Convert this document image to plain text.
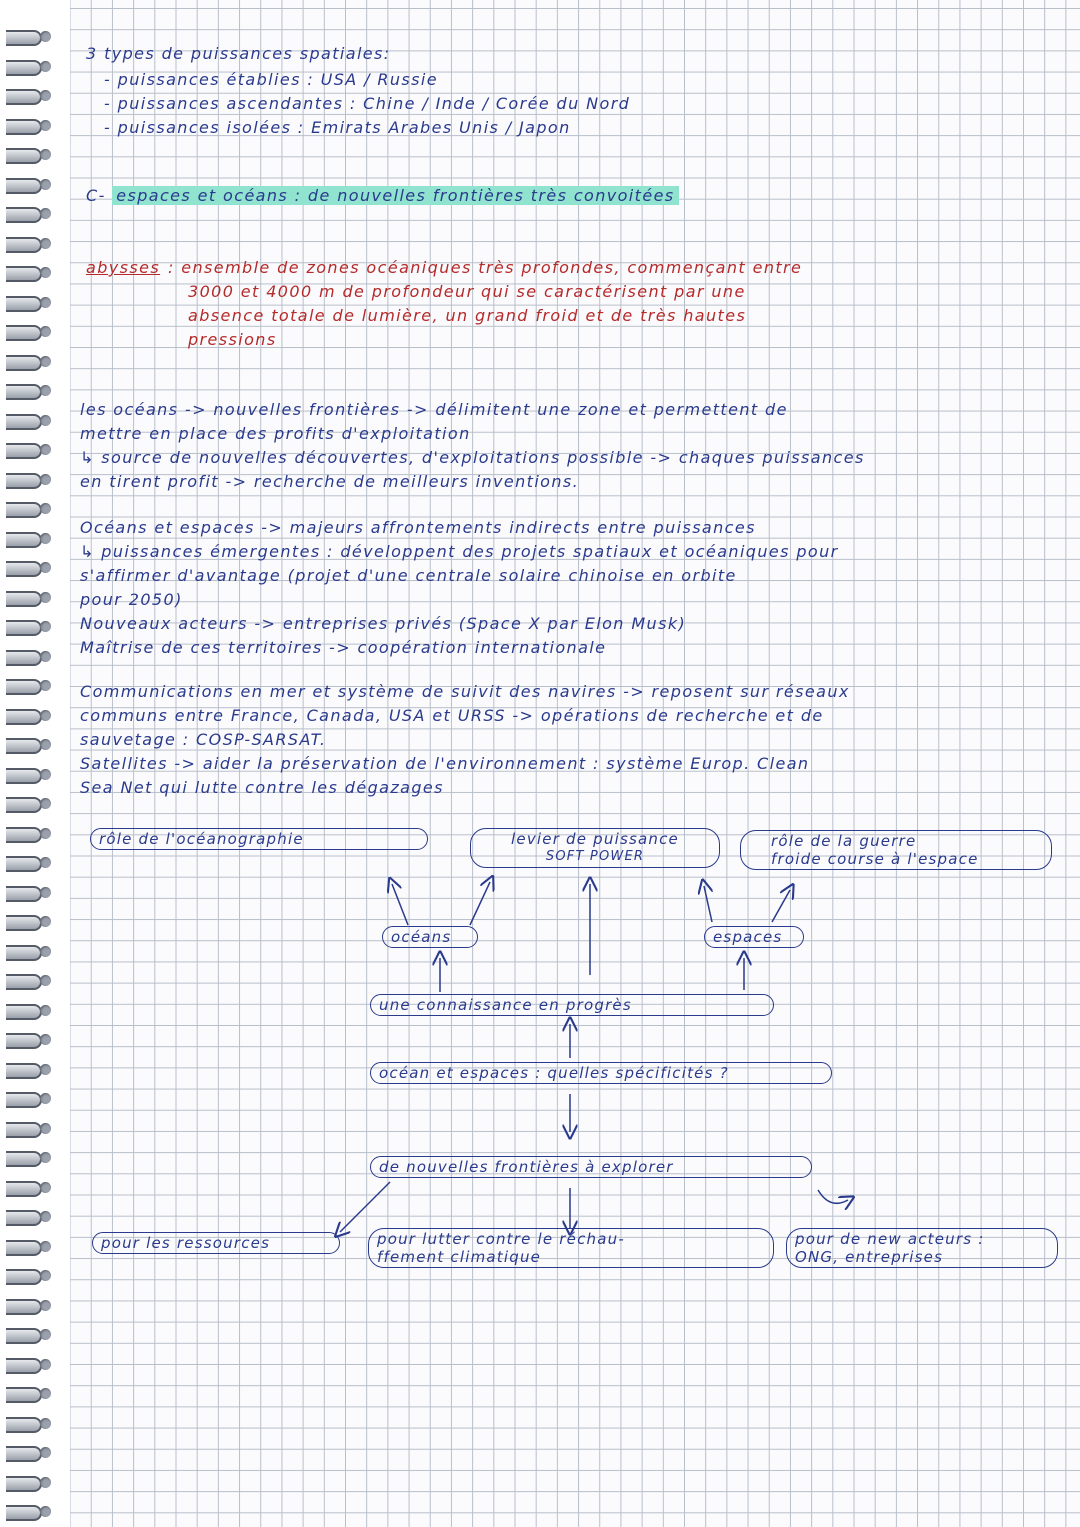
3 types de puissances spatiales:

- puissances établies : USA / Russie

- puissances ascendantes : Chine / Inde / Corée du Nord

- puissances isolées : Emirats Arabes Unis / Japon

C- espaces et océans : de nouvelles frontières très convoitées

abysses : ensemble de zones océaniques très profondes, commençant entre

3000 et 4000 m de profondeur qui se caractérisent par une

absence totale de lumière, un grand froid et de très hautes

pressions

les océans -> nouvelles frontières -> délimitent une zone et permettent de

mettre en place des profits d'exploitation

↳ source de nouvelles découvertes, d'exploitations possible -> chaques puissances

en tirent profit -> recherche de meilleurs inventions.

Océans et espaces -> majeurs affrontements indirects entre puissances

↳ puissances émergentes : développent des projets spatiaux et océaniques pour

s'affirmer d'avantage (projet d'une centrale solaire chinoise en orbite

pour 2050)

Nouveaux acteurs -> entreprises privés (Space X par Elon Musk)

Maîtrise de ces territoires -> coopération internationale

Communications en mer et système de suivit des navires -> reposent sur réseaux

communs entre France, Canada, USA et URSS -> opérations de recherche et de

sauvetage : COSP-SARSAT.

Satellites -> aider la préservation de l'environnement : système Europ. Clean

Sea Net qui lutte contre les dégazages

rôle de l'océanographie	levier de puissance
SOFT POWER
rôle de la guerre
froide course à l'espace
océans	espaces
une connaissance en progrès
océan et espaces : quelles spécificités ?
de nouvelles frontières à explorer
pour les ressources	pour lutter contre le réchau-
ffement climatique
pour de new acteurs :
ONG, entreprises
